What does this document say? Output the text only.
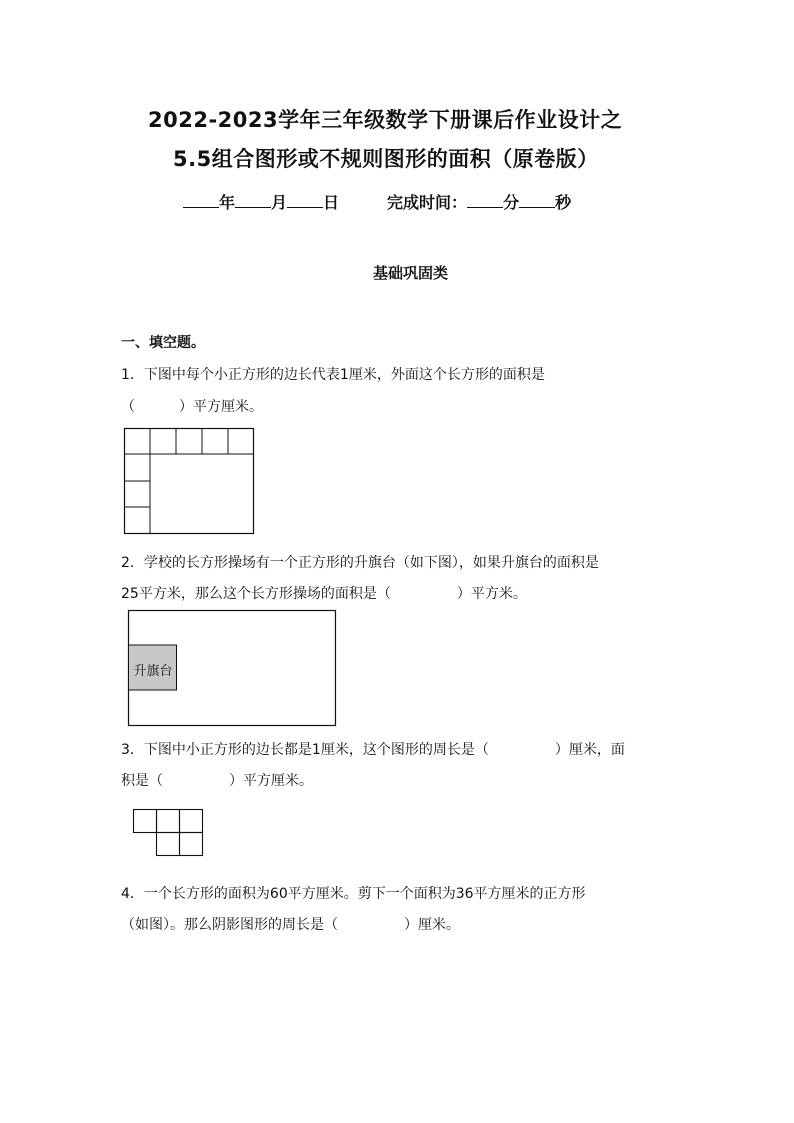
2022-2023学年三年级数学下册课后作业设计之
5.5组合图形或不规则图形的面积（原卷版）
年 月 日	完成时间： 分 秒
基础巩固类
一、填空题。
1．下图中每个小正方形的边长代表1厘米，外面这个长方形的面积是
（	）平方厘米。
2．学校的长方形操场有一个正方形的升旗台（如下图），如果升旗台的面积是
25平方米，那么这个长方形操场的面积是（	）平方米。
升旗台
3．下图中小正方形的边长都是1厘米，这个图形的周长是（	）厘米，面
积是（	）平方厘米。
4．一个长方形的面积为60平方厘米。剪下一个面积为36平方厘米的正方形
（如图）。那么阴影图形的周长是（	）厘米。
